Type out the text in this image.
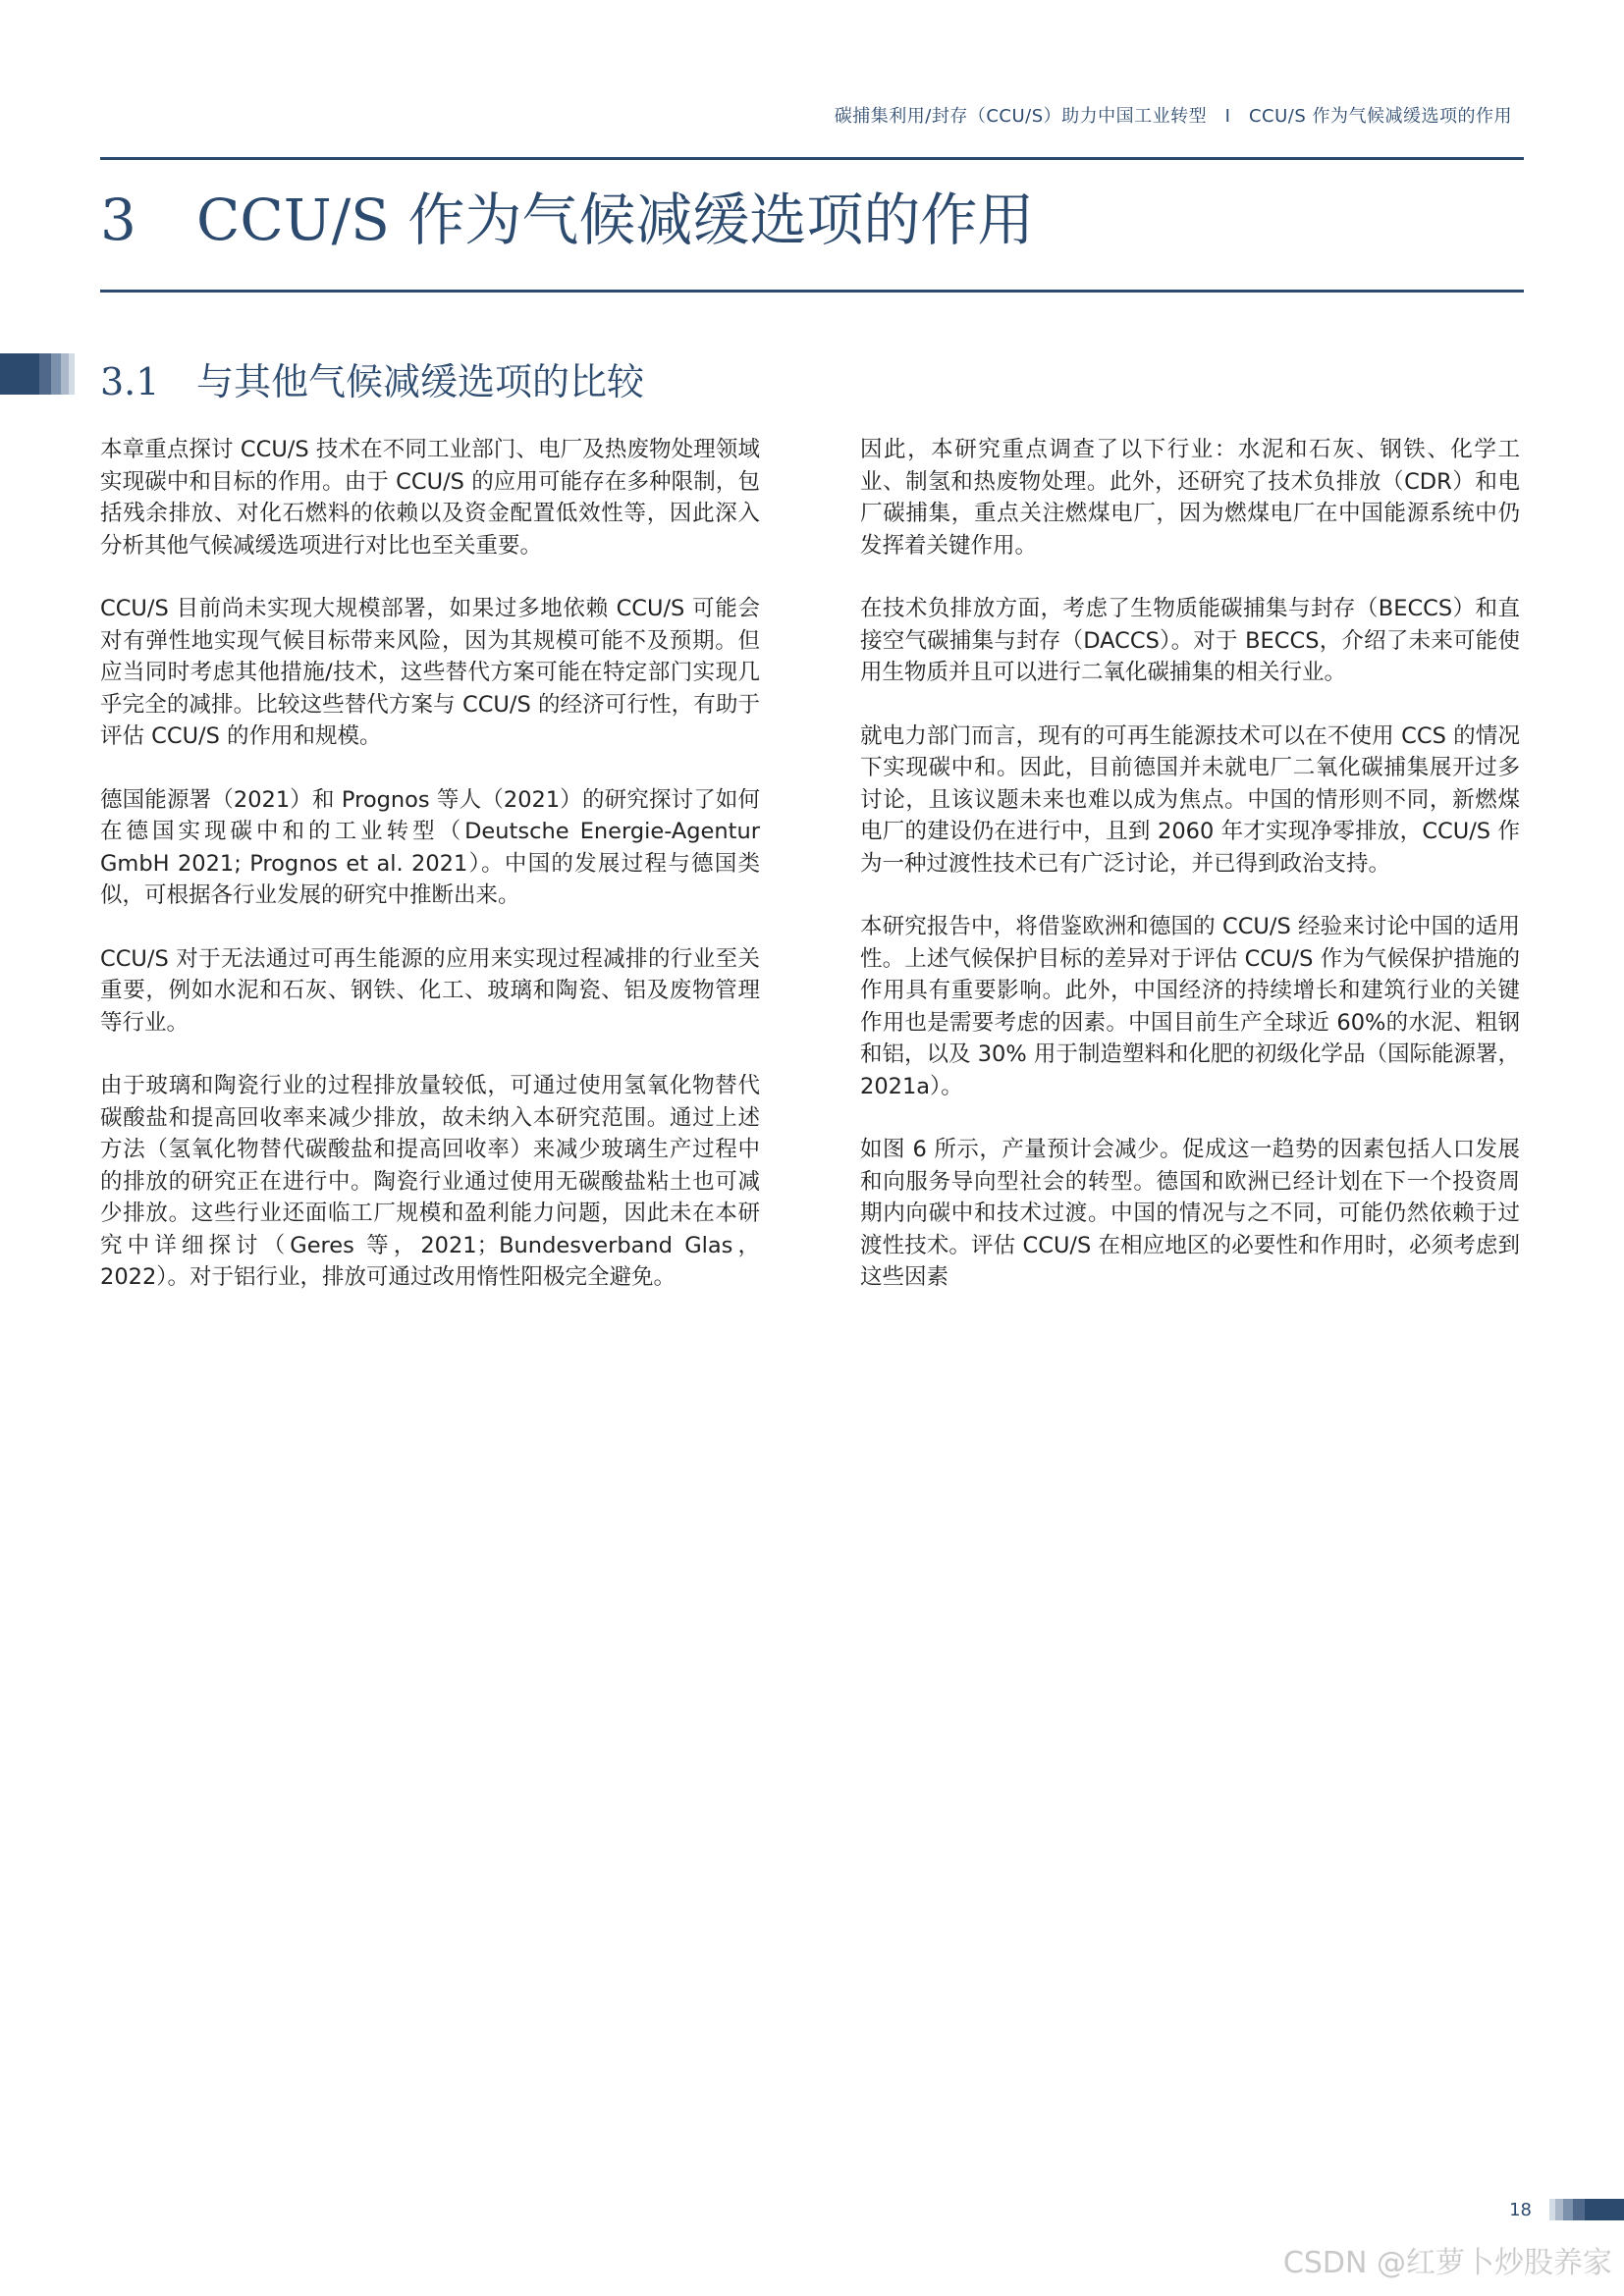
碳捕集利用/封存（CCU/S）助力中国工业转型　I　CCU/S 作为气候减缓选项的作用
3 CCU/S 作为气候减缓选项的作用
3.1 与其他气候减缓选项的比较

本章重点探讨 CCU/S 技术在不同工业部门、电厂及热废物处理领域实现碳中和目标的作用。由于 CCU/S 的应用可能存在多种限制，包括残余排放、对化石燃料的依赖以及资金配置低效性等，因此深入分析其他气候减缓选项进行对比也至关重要。

CCU/S 目前尚未实现大规模部署，如果过多地依赖 CCU/S 可能会对有弹性地实现气候目标带来风险，因为其规模可能不及预期。但应当同时考虑其他措施/技术，这些替代方案可能在特定部门实现几乎完全的减排。比较这些替代方案与 CCU/S 的经济可行性，有助于评估 CCU/S 的作用和规模。

德国能源署（2021）和 Prognos 等人（2021）的研究探讨了如何在德国实现碳中和的工业转型（Deutsche Energie-Agentur GmbH 2021; Prognos et al. 2021）。中国的发展过程与德国类似，可根据各行业发展的研究中推断出来。

CCU/S 对于无法通过可再生能源的应用来实现过程减排的行业至关重要，例如水泥和石灰、钢铁、化工、玻璃和陶瓷、铝及废物管理等行业。

由于玻璃和陶瓷行业的过程排放量较低，可通过使用氢氧化物替代碳酸盐和提高回收率来减少排放，故未纳入本研究范围。通过上述方法（氢氧化物替代碳酸盐和提高回收率）来减少玻璃生产过程中的排放的研究正在进行中。陶瓷行业通过使用无碳酸盐粘土也可减少排放。这些行业还面临工厂规模和盈利能力问题，因此未在本研究中详细探讨（Geres 等，2021；Bundesverband Glas，2022）。对于铝行业，排放可通过改用惰性阳极完全避免。

因此，本研究重点调查了以下行业：水泥和石灰、钢铁、化学工业、制氢和热废物处理。此外，还研究了技术负排放（CDR）和电厂碳捕集，重点关注燃煤电厂，因为燃煤电厂在中国能源系统中仍发挥着关键作用。

在技术负排放方面，考虑了生物质能碳捕集与封存（BECCS）和直接空气碳捕集与封存（DACCS）。对于 BECCS，介绍了未来可能使用生物质并且可以进行二氧化碳捕集的相关行业。

就电力部门而言，现有的可再生能源技术可以在不使用 CCS 的情况下实现碳中和。因此，目前德国并未就电厂二氧化碳捕集展开过多讨论，且该议题未来也难以成为焦点。中国的情形则不同，新燃煤电厂的建设仍在进行中，且到 2060 年才实现净零排放，CCU/S 作为一种过渡性技术已有广泛讨论，并已得到政治支持。

本研究报告中，将借鉴欧洲和德国的 CCU/S 经验来讨论中国的适用性。上述气候保护目标的差异对于评估 CCU/S 作为气候保护措施的作用具有重要影响。此外，中国经济的持续增长和建筑行业的关键作用也是需要考虑的因素。中国目前生产全球近 60%的水泥、粗钢和铝，以及 30% 用于制造塑料和化肥的初级化学品（国际能源署，2021a）。

如图 6 所示，产量预计会减少。促成这一趋势的因素包括人口发展和向服务导向型社会的转型。德国和欧洲已经计划在下一个投资周期内向碳中和技术过渡。中国的情况与之不同，可能仍然依赖于过渡性技术。评估 CCU/S 在相应地区的必要性和作用时，必须考虑到这些因素

18
CSDN @红萝卜炒股养家
